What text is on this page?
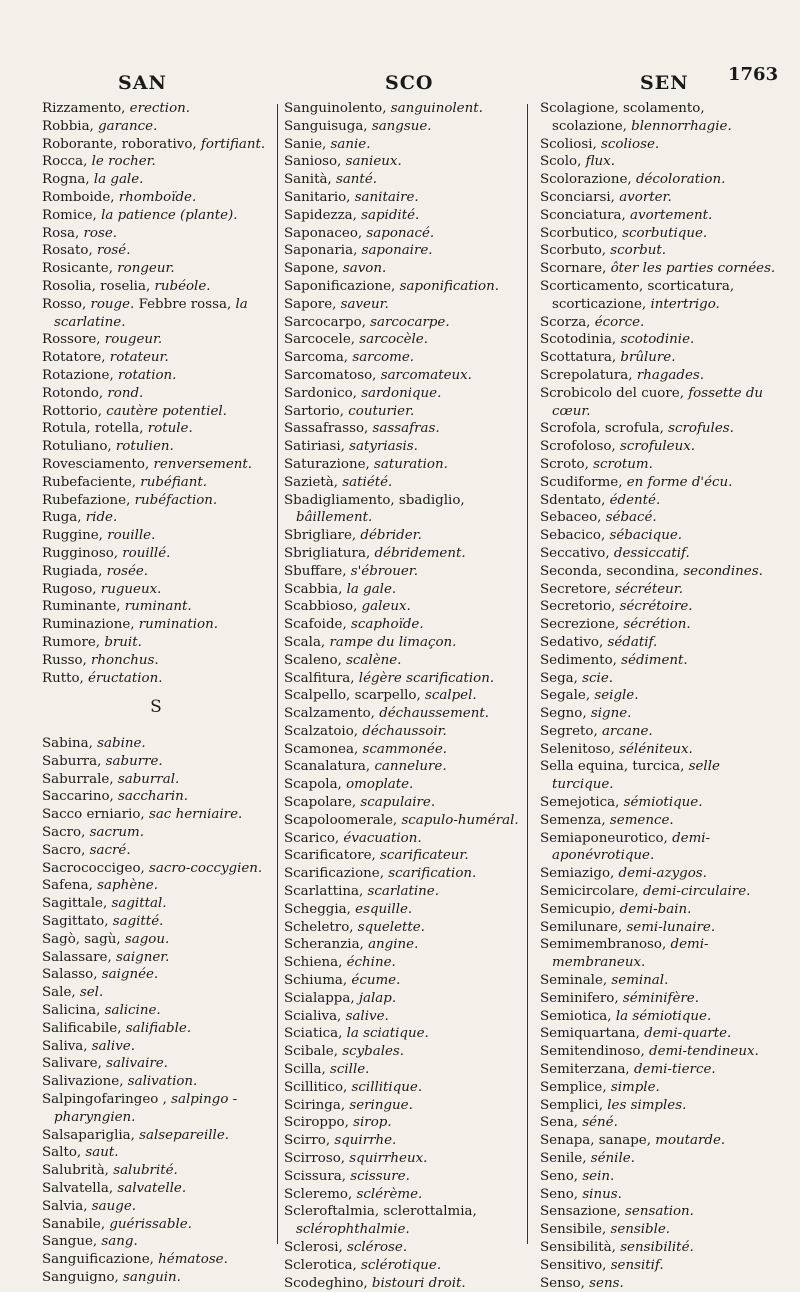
SAN	SCO	SEN 1763

Rizzamento, erection.

Robbia, garance.

Roborante, roborativo, fortifiant.

Rocca, le rocher.

Rogna, la gale.

Romboide, rhomboïde.

Romice, la patience (plante).

Rosa, rose.

Rosato, rosé.

Rosicante, rongeur.

Rosolia, roselia, rubéole.

Rosso, rouge. Febbre rossa, la scarlatine.

Rossore, rougeur.

Rotatore, rotateur.

Rotazione, rotation.

Rotondo, rond.

Rottorio, cautère potentiel.

Rotula, rotella, rotule.

Rotuliano, rotulien.

Rovesciamento, renversement.

Rubefaciente, rubéfiant.

Rubefazione, rubéfaction.

Ruga, ride.

Ruggine, rouille.

Rugginoso, rouillé.

Rugiada, rosée.

Rugoso, rugueux.

Ruminante, ruminant.

Ruminazione, rumination.

Rumore, bruit.

Russo, rhonchus.

Rutto, éructation.

S

Sabina, sabine.

Saburra, saburre.

Saburrale, saburral.

Saccarino, saccharin.

Sacco erniario, sac herniaire.

Sacro, sacrum.

Sacro, sacré.

Sacrococcigeo, sacro-coccygien.

Safena, saphène.

Sagittale, sagittal.

Sagittato, sagitté.

Sagò, sagù, sagou.

Salassare, saigner.

Salasso, saignée.

Sale, sel.

Salicina, salicine.

Salificabile, salifiable.

Saliva, salive.

Salivare, salivaire.

Salivazione, salivation.

Salpingofaringeo , salpingo - pharyngien.

Salsapariglia, salsepareille.

Salto, saut.

Salubrità, salubrité.

Salvatella, salvatelle.

Salvia, sauge.

Sanabile, guérissable.

Sangue, sang.

Sanguificazione, hématose.

Sanguigno, sanguin.

Sanguinolento, sanguinolent.

Sanguisuga, sangsue.

Sanie, sanie.

Sanioso, sanieux.

Sanità, santé.

Sanitario, sanitaire.

Sapidezza, sapidité.

Saponaceo, saponacé.

Saponaria, saponaire.

Sapone, savon.

Saponificazione, saponification.

Sapore, saveur.

Sarcocarpo, sarcocarpe.

Sarcocele, sarcocèle.

Sarcoma, sarcome.

Sarcomatoso, sarcomateux.

Sardonico, sardonique.

Sartorio, couturier.

Sassafrasso, sassafras.

Satiriasi, satyriasis.

Saturazione, saturation.

Sazietà, satiété.

Sbadigliamento, sbadiglio, bâillement.

Sbrigliare, débrider.

Sbrigliatura, débridement.

Sbuffare, s'ébrouer.

Scabbia, la gale.

Scabbioso, galeux.

Scafoide, scaphoïde.

Scala, rampe du limaçon.

Scaleno, scalène.

Scalfitura, légère scarification.

Scalpello, scarpello, scalpel.

Scalzamento, déchaussement.

Scalzatoio, déchaussoir.

Scamonea, scammonée.

Scanalatura, cannelure.

Scapola, omoplate.

Scapolare, scapulaire.

Scapoloomerale, scapulo-huméral.

Scarico, évacuation.

Scarificatore, scarificateur.

Scarificazione, scarification.

Scarlattina, scarlatine.

Scheggia, esquille.

Scheletro, squelette.

Scheranzia, angine.

Schiena, échine.

Schiuma, écume.

Scialappa, jalap.

Scialiva, salive.

Sciatica, la sciatique.

Scibale, scybales.

Scilla, scille.

Scillitico, scillitique.

Sciringa, seringue.

Sciroppo, sirop.

Scirro, squirrhe.

Scirroso, squirrheux.

Scissura, scissure.

Scleremo, sclérème.

Scleroftalmia, sclerottalmia, sclérophthalmie.

Sclerosi, sclérose.

Sclerotica, sclérotique.

Scodeghino, bistouri droit.

Scolagione, scolamento, scolazione, blennorrhagie.

Scoliosi, scoliose.

Scolo, flux.

Scolorazione, décoloration.

Sconciarsi, avorter.

Sconciatura, avortement.

Scorbutico, scorbutique.

Scorbuto, scorbut.

Scornare, ôter les parties cornées.

Scorticamento, scorticatura, scorticazione, intertrigo.

Scorza, écorce.

Scotodinia, scotodinie.

Scottatura, brûlure.

Screpolatura, rhagades.

Scrobicolo del cuore, fossette du cœur.

Scrofola, scrofula, scrofules.

Scrofoloso, scrofuleux.

Scroto, scrotum.

Scudiforme, en forme d'écu.

Sdentato, édenté.

Sebaceo, sébacé.

Sebacico, sébacique.

Seccativo, dessiccatif.

Seconda, secondina, secondines.

Secretore, sécréteur.

Secretorio, sécrétoire.

Secrezione, sécrétion.

Sedativo, sédatif.

Sedimento, sédiment.

Sega, scie.

Segale, seigle.

Segno, signe.

Segreto, arcane.

Selenitoso, séléniteux.

Sella equina, turcica, selle turcique.

Semejotica, sémiotique.

Semenza, semence.

Semiaponeurotico, demi-aponévrotique.

Semiazigo, demi-azygos.

Semicircolare, demi-circulaire.

Semicupio, demi-bain.

Semilunare, semi-lunaire.

Semimembranoso, demi-membraneux.

Seminale, seminal.

Seminifero, séminifère.

Semiotica, la sémiotique.

Semiquartana, demi-quarte.

Semitendinoso, demi-tendineux.

Semiterzana, demi-tierce.

Semplice, simple.

Semplici, les simples.

Sena, séné.

Senapa, sanape, moutarde.

Senile, sénile.

Seno, sein.

Seno, sinus.

Sensazione, sensation.

Sensibile, sensible.

Sensibilità, sensibilité.

Sensitivo, sensitif.

Senso, sens.
